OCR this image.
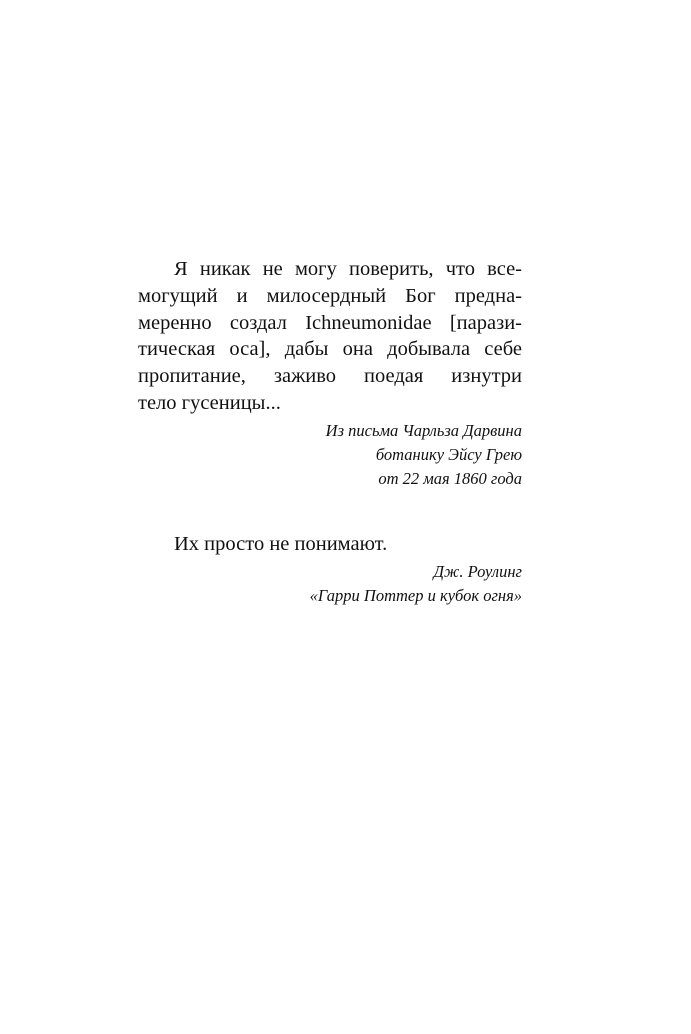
Я никак не могу поверить, что все-
могущий и милосердный Бог предна-
меренно создал Ichneumonidae [парази-
тическая оса], дабы она добывала себе
пропитание, заживо поедая изнутри
тело гусеницы...
Из письма Чарльза Дарвина
ботанику Эйсу Грею
от 22 мая 1860 года
Их просто не понимают.
Дж. Роулинг
«Гарри Поттер и кубок огня»
